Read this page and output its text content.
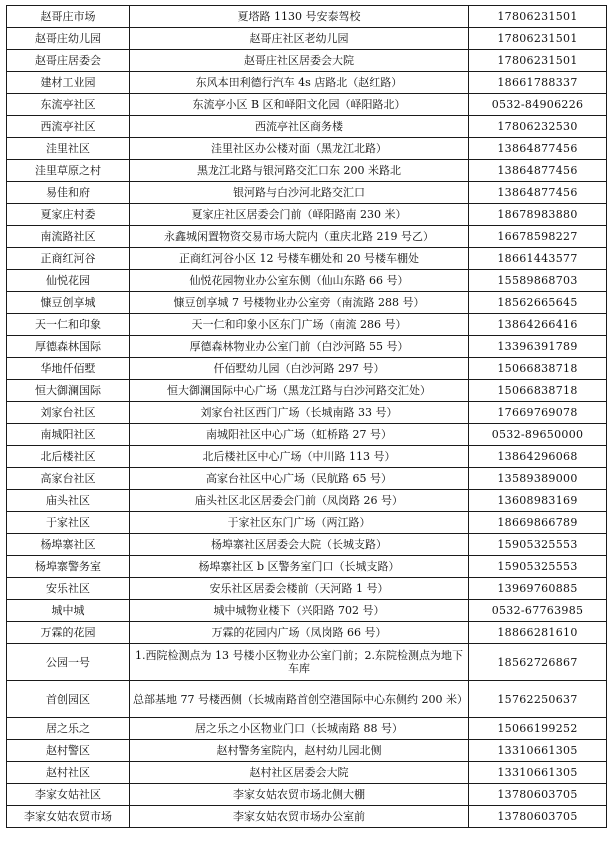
赵哥庄市场	夏塔路 1130 号安泰驾校	17806231501
赵哥庄幼儿园	赵哥庄社区老幼儿园	17806231501
赵哥庄居委会	赵哥庄社区居委会大院	17806231501
建材工业园	东风本田利德行汽车 4s 店路北（赵红路）	18661788337
东流亭社区	东流亭小区 B 区和峄阳文化园（峄阳路北）	0532-84906226
西流亭社区	西流亭社区商务楼	17806232530
洼里社区	洼里社区办公楼对面（黑龙江北路）	13864877456
洼里草原之村	黑龙江北路与银河路交汇口东 200 米路北	13864877456
易佳和府	银河路与白沙河北路交汇口	13864877456
夏家庄村委	夏家庄社区居委会门前（峄阳路南 230 米）	18678983880
南流路社区	永鑫城闲置物资交易市场大院内（重庆北路 219 号乙）	16678598227
正商红河谷	正商红河谷小区 12 号楼车棚处和 20 号楼车棚处	18661443577
仙悦花园	仙悦花园物业办公室东侧（仙山东路 66 号）	15589868703
慷豆创享城	慷豆创享城 7 号楼物业办公室旁（南流路 288 号）	18562665645
天一仁和印象	天一仁和印象小区东门广场（南流 286 号）	13864266416
厚德森林国际	厚德森林物业办公室门前（白沙河路 55 号）	13396391789
华地仟佰墅	仟佰墅幼儿园（白沙河路 297 号）	15066838718
恒大御澜国际	恒大御澜国际中心广场（黑龙江路与白沙河路交汇处）	15066838718
刘家台社区	刘家台社区西门广场（长城南路 33 号）	17669769078
南城阳社区	南城阳社区中心广场（虹桥路 27 号）	0532-89650000
北后楼社区	北后楼社区中心广场（中川路 113 号）	13864296068
高家台社区	高家台社区中心广场（民航路 65 号）	13589389000
庙头社区	庙头社区北区居委会门前（凤岗路 26 号）	13608983169
于家社区	于家社区东门广场（两江路）	18669866789
杨埠寨社区	杨埠寨社区居委会大院（长城支路）	15905325553
杨埠寨警务室	杨埠寨社区 b 区警务室门口（长城支路）	15905325553
安乐社区	安乐社区居委会楼前（天河路 1 号）	13969760885
城中城	城中城物业楼下（兴阳路 702 号）	0532-67763985
万霖的花园	万霖的花园内广场（凤岗路 66 号）	18866281610
公园一号	1.西院检测点为 13 号楼小区物业办公室门前；2.东院检测点为地下车库	18562726867
首创园区	总部基地 77 号楼西侧（长城南路首创空港国际中心东侧约 200 米）	15762250637
居之乐之	居之乐之小区物业门口（长城南路 88 号）	15066199252
赵村警区	赵村警务室院内，赵村幼儿园北侧	13310661305
赵村社区	赵村社区居委会大院	13310661305
李家女姑社区	李家女姑农贸市场北侧大棚	13780603705
李家女姑农贸市场	李家女姑农贸市场办公室前	13780603705
